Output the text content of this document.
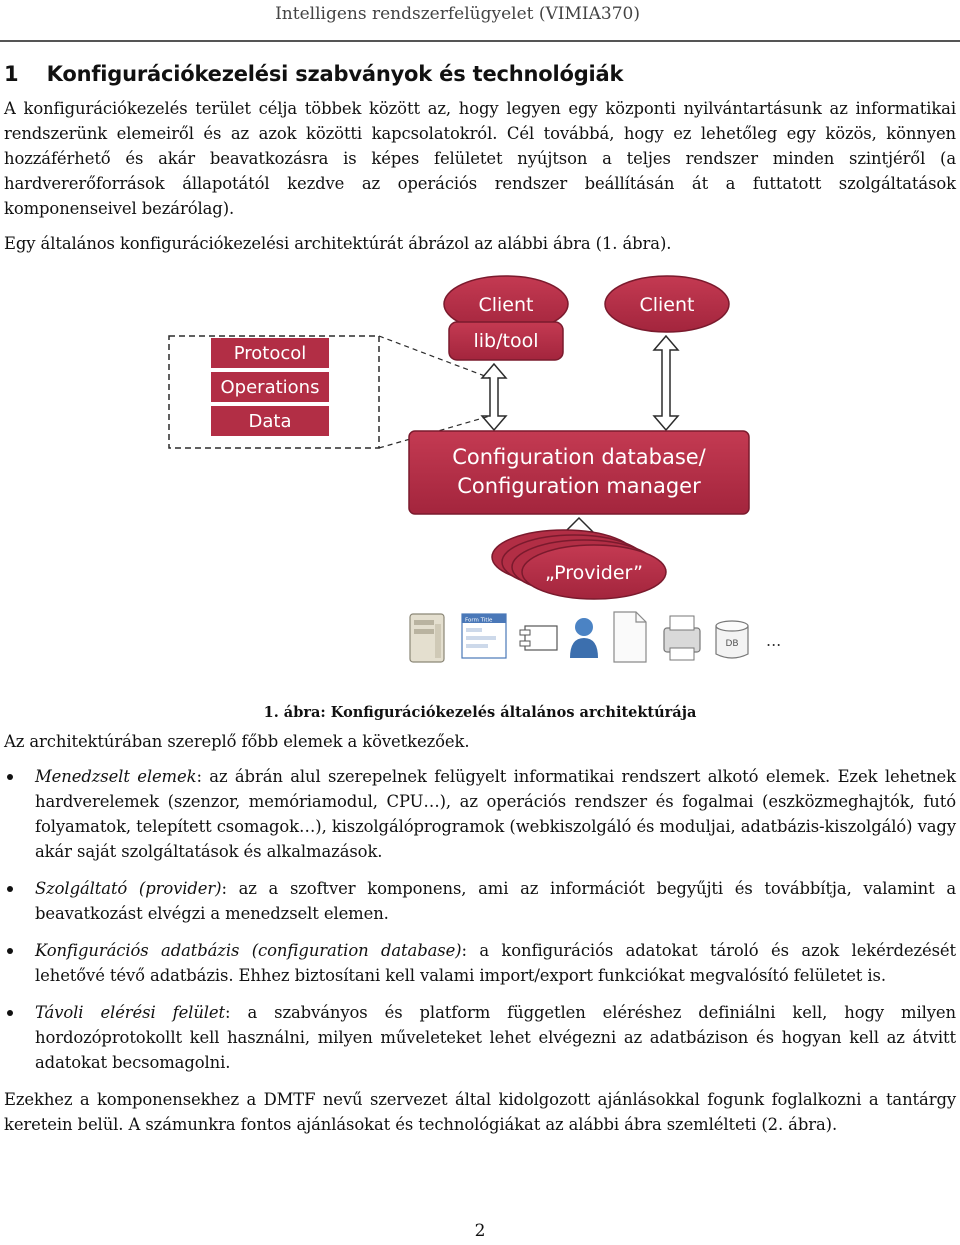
Intelligens rendszerfelügyelet (VIMIA370)
1 Konfigurációkezelési szabványok és technológiák

A konfigurációkezelés terület célja többek között az, hogy legyen egy központi nyilvántartásunk az informatikai rendszerünk elemeiről és az azok közötti kapcsolatokról. Cél továbbá, hogy ez lehetőleg egy közös, könnyen hozzáférhető és akár beavatkozásra is képes felületet nyújtson a teljes rendszer minden szintjéről (a hardvererőforrások állapotától kezdve az operációs rendszer beállításán át a futtatott szolgáltatások komponenseivel bezárólag).

Egy általános konfigurációkezelési architektúrát ábrázol az alábbi ábra (1. ábra).

Client
lib/tool
Client
Protocol
Operations
Data
Configuration database/
Configuration manager
„Provider”
Form Title
DB ...
1. ábra: Konfigurációkezelés általános architektúrája

Az architektúrában szereplő főbb elemek a következőek.

Menedzselt elemek: az ábrán alul szerepelnek felügyelt informatikai rendszert alkotó elemek. Ezek lehetnek hardverelemek (szenzor, memóriamodul, CPU…), az operációs rendszer és fogalmai (eszközmeghajtók, futó folyamatok, telepített csomagok…), kiszolgálóprogramok (webkiszolgáló és moduljai, adatbázis-kiszolgáló) vagy akár saját szolgáltatások és alkalmazások.

Szolgáltató (provider): az a szoftver komponens, ami az információt begyűjti és továbbítja, valamint a beavatkozást elvégzi a menedzselt elemen.

Konfigurációs adatbázis (configuration database): a konfigurációs adatokat tároló és azok lekérdezését lehetővé tévő adatbázis. Ehhez biztosítani kell valami import/export funkciókat megvalósító felületet is.

Távoli elérési felület: a szabványos és platform független eléréshez definiálni kell, hogy milyen hordozóprotokollt kell használni, milyen műveleteket lehet elvégezni az adatbázison és hogyan kell az átvitt adatokat becsomagolni.

Ezekhez a komponensekhez a DMTF nevű szervezet által kidolgozott ajánlásokkal fogunk foglalkozni a tantárgy keretein belül. A számunkra fontos ajánlásokat és technológiákat az alábbi ábra szemlélteti (2. ábra).

2
